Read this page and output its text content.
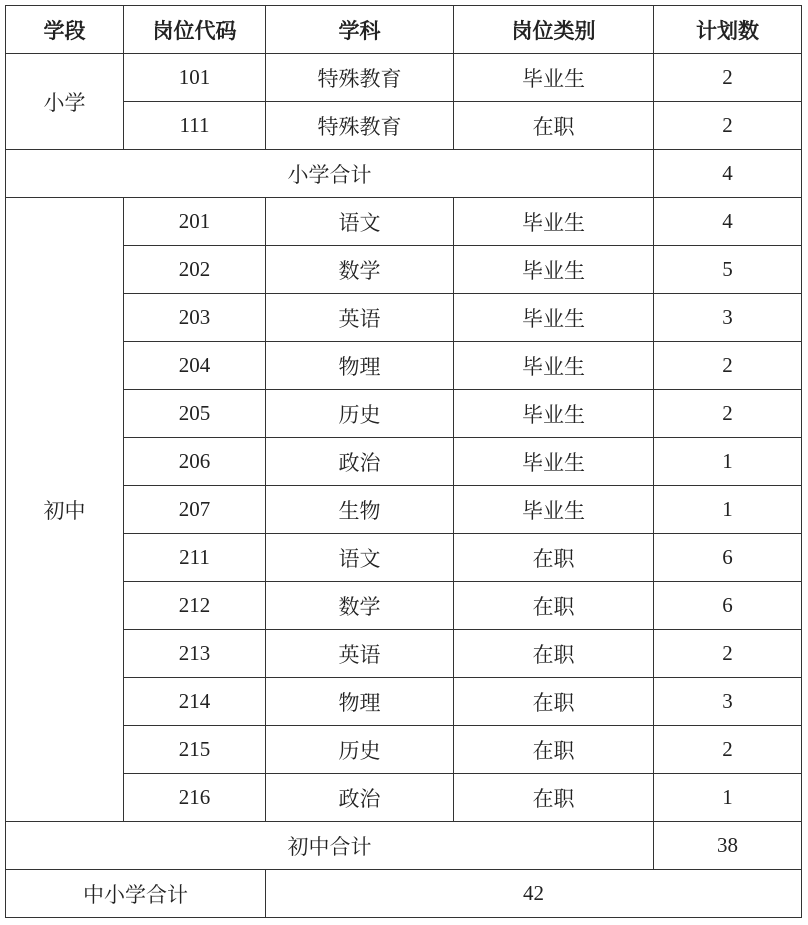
学段	岗位代码	学科	岗位类别	计划数
小学	101	特殊教育	毕业生	2
	111	特殊教育	在职	2
小学合计				4
初中	201	语文	毕业生	4
	202	数学	毕业生	5
	203	英语	毕业生	3
	204	物理	毕业生	2
	205	历史	毕业生	2
	206	政治	毕业生	1
	207	生物	毕业生	1
	211	语文	在职	6
	212	数学	在职	6
	213	英语	在职	2
	214	物理	在职	3
	215	历史	在职	2
	216	政治	在职	1
初中合计				38
中小学合计		42		
